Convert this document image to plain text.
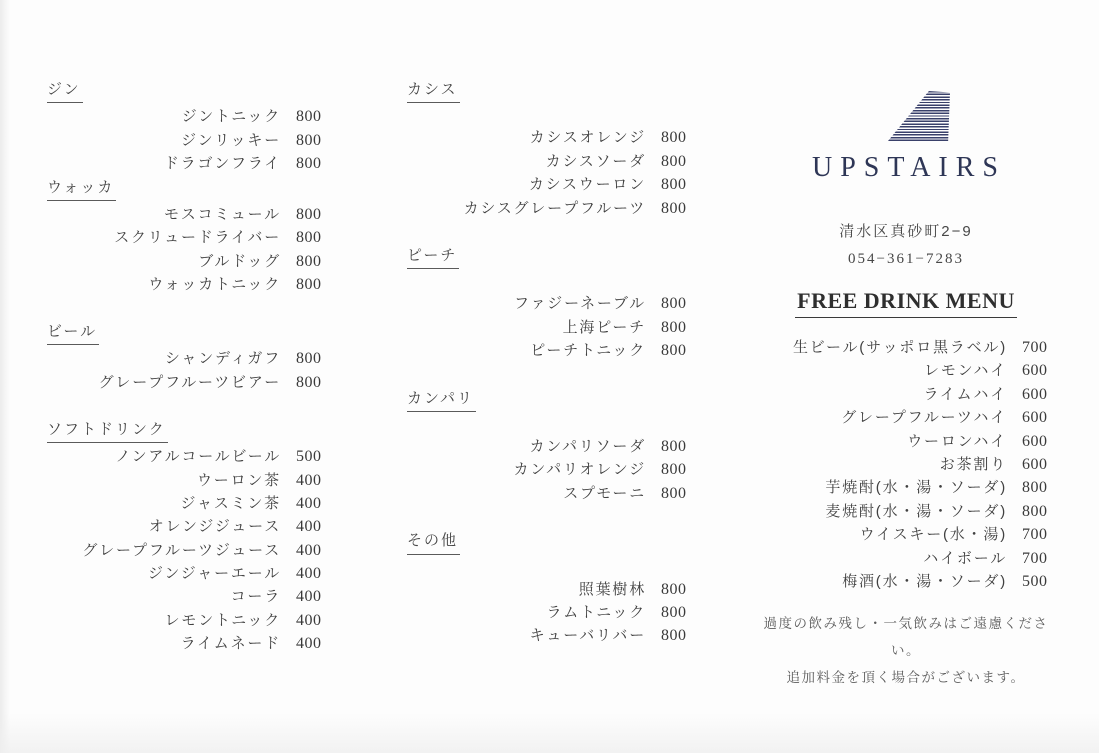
ジン
ジントニック 800
ジンリッキー 800
ドラゴンフライ 800
ウォッカ
モスコミュール 800
スクリュードライバー 800
ブルドッグ 800
ウォッカトニック 800
ビール
シャンディガフ 800
グレープフルーツビアー 800
ソフトドリンク
ノンアルコールビール 500
ウーロン茶 400
ジャスミン茶 400
オレンジジュース 400
グレープフルーツジュース 400
ジンジャーエール 400
コーラ 400
レモントニック 400
ライムネード 400
カシス
カシスオレンジ 800
カシスソーダ 800
カシスウーロン 800
カシスグレープフルーツ 800
ピーチ
ファジーネーブル 800
上海ピーチ 800
ピーチトニック 800
カンパリ
カンパリソーダ 800
カンパリオレンジ 800
スプモーニ 800
その他
照葉樹林 800
ラムトニック 800
キューバリバー 800
UPSTAIRS
清水区真砂町2−9
054−361−7283
FREE DRINK MENU
生ビール(サッポロ黒ラベル) 700
レモンハイ 600
ライムハイ 600
グレープフルーツハイ 600
ウーロンハイ 600
お茶割り 600
芋焼酎(水・湯・ソーダ) 800
麦焼酎(水・湯・ソーダ) 800
ウイスキー(水・湯) 700
ハイボール 700
梅酒(水・湯・ソーダ) 500

過度の飲み残し・一気飲みはご遠慮ください。

追加料金を頂く場合がございます。
